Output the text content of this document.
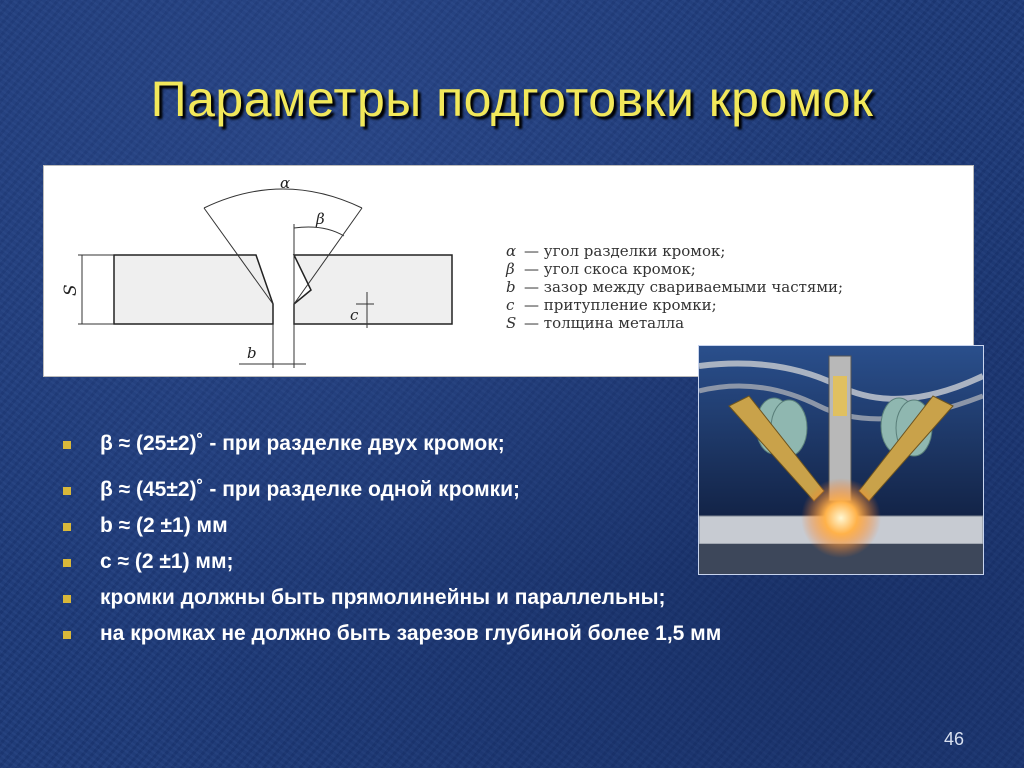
Параметры подготовки кромок
α
β
S
c
b
α — угол разделки кромок;
β — угол скоса кромок;
b — зазор между свариваемыми частями;
c — притупление кромки;
S — толщина металла
β ≈ (25±2)˚ - при разделке двух кромок;
β ≈ (45±2)˚ - при разделке одной кромки;
b ≈ (2 ±1) мм
c ≈ (2 ±1) мм;
кромки должны быть прямолинейны и параллельны;
на кромках не должно быть зарезов глубиной более 1,5 мм
46
